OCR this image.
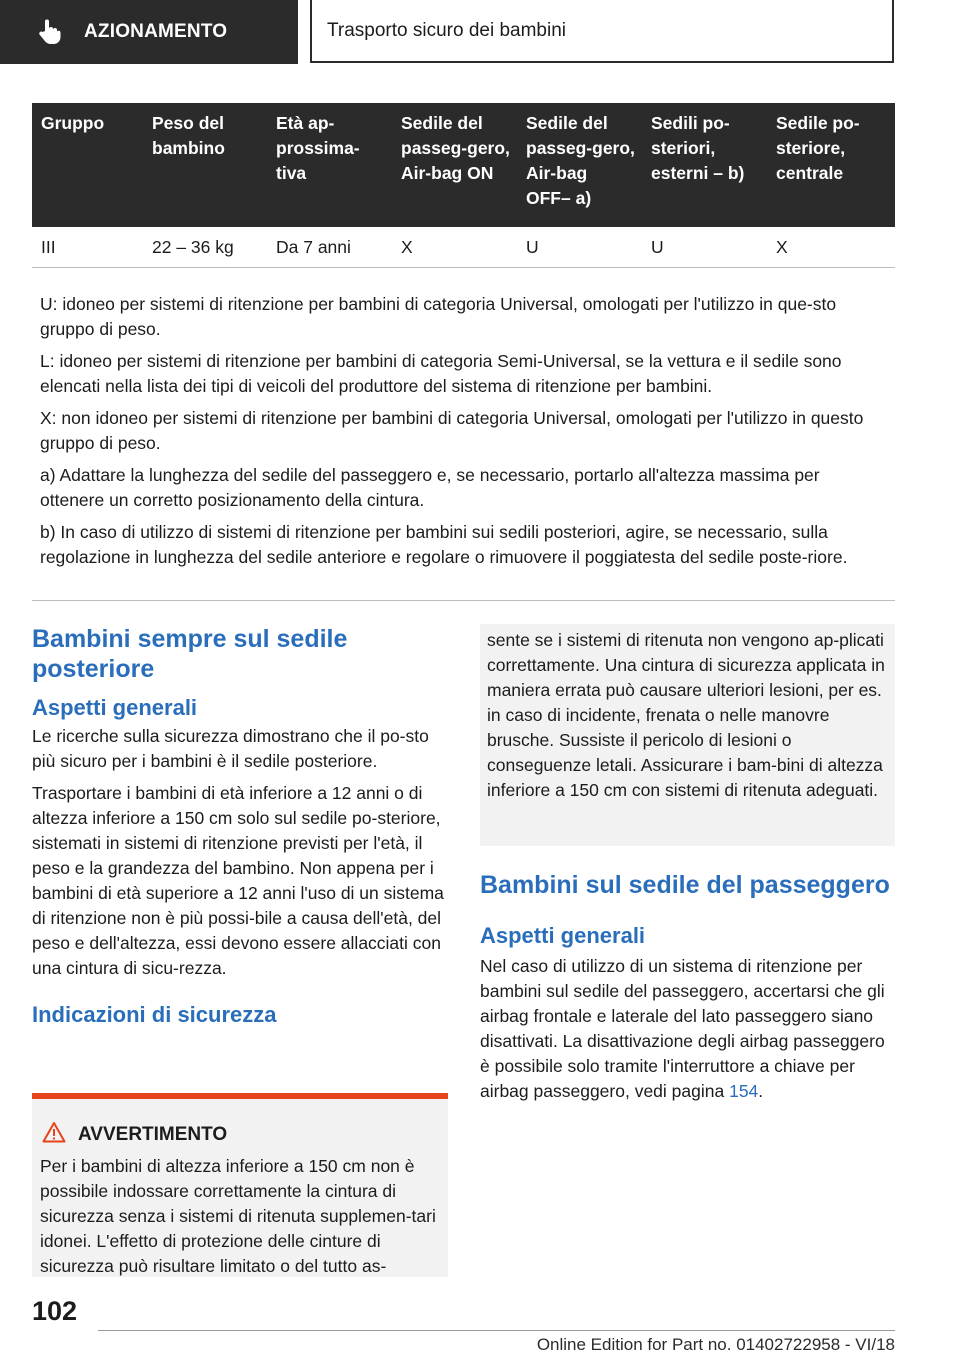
AZIONAMENTO	Trasporto sicuro dei bambini
Gruppo	Peso del bambino	Età ap-prossima-tiva	Sedile del passeg-gero, Air-bag ON	Sedile del passeg-gero, Air-bag OFF– a)	Sedili po-steriori, esterni – b)	Sedile po-steriore, centrale
III	22 – 36 kg	Da 7 anni	X	U	U	X

U: idoneo per sistemi di ritenzione per bambini di categoria Universal, omologati per l'utilizzo in que-sto gruppo di peso.

L: idoneo per sistemi di ritenzione per bambini di categoria Semi-Universal, se la vettura e il sedile sono elencati nella lista dei tipi di veicoli del produttore del sistema di ritenzione per bambini.

X: non idoneo per sistemi di ritenzione per bambini di categoria Universal, omologati per l'utilizzo in questo gruppo di peso.

a) Adattare la lunghezza del sedile del passeggero e, se necessario, portarlo all'altezza massima per ottenere un corretto posizionamento della cintura.

b) In caso di utilizzo di sistemi di ritenzione per bambini sui sedili posteriori, agire, se necessario, sulla regolazione in lunghezza del sedile anteriore e regolare o rimuovere il poggiatesta del sedile poste-riore.

Bambini sempre sul sedile posteriore
Aspetti generali

Le ricerche sulla sicurezza dimostrano che il po-sto più sicuro per i bambini è il sedile posteriore.

Trasportare i bambini di età inferiore a 12 anni o di altezza inferiore a 150 cm solo sul sedile po-steriore, sistemati in sistemi di ritenzione previsti per l'età, il peso e la grandezza del bambino. Non appena per i bambini di età superiore a 12 anni l'uso di un sistema di ritenzione non è più possi-bile a causa dell'età, del peso e dell'altezza, essi devono essere allacciati con una cintura di sicu-rezza.

Indicazioni di sicurezza
AVVERTIMENTO

Per i bambini di altezza inferiore a 150 cm non è possibile indossare correttamente la cintura di sicurezza senza i sistemi di ritenuta supplemen-tari idonei. L'effetto di protezione delle cinture di sicurezza può risultare limitato o del tutto as-

sente se i sistemi di ritenuta non vengono ap-plicati correttamente. Una cintura di sicurezza applicata in maniera errata può causare ulteriori lesioni, per es. in caso di incidente, frenata o nelle manovre brusche. Sussiste il pericolo di lesioni o conseguenze letali. Assicurare i bam-bini di altezza inferiore a 150 cm con sistemi di ritenuta adeguati.

Bambini sul sedile del passeggero
Aspetti generali

Nel caso di utilizzo di un sistema di ritenzione per bambini sul sedile del passeggero, accertarsi che gli airbag frontale e laterale del lato passeggero siano disattivati. La disattivazione degli airbag passeggero è possibile solo tramite l'interruttore a chiave per airbag passeggero, vedi pagina 154.

102
Online Edition for Part no. 01402722958 - VI/18
